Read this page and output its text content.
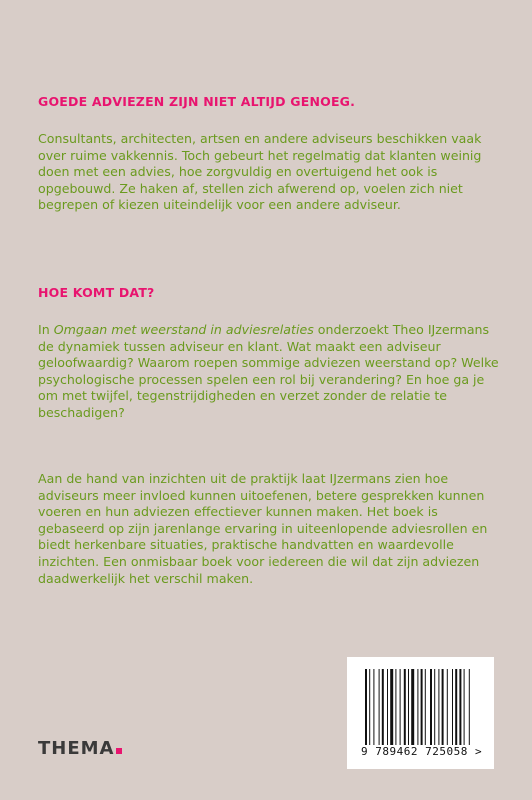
GOEDE ADVIEZEN ZIJN NIET ALTIJD GENOEG.

Consultants, architecten, artsen en andere adviseurs beschikken vaak over ruime vakkennis. Toch gebeurt het regelmatig dat klanten weinig doen met een advies, hoe zorgvuldig en overtuigend het ook is opgebouwd. Ze haken af, stellen zich afwerend op, voelen zich niet begrepen of kiezen uiteindelijk voor een andere adviseur.

HOE KOMT DAT?

In Omgaan met weerstand in adviesrelaties onderzoekt Theo IJzermans de dynamiek tussen adviseur en klant. Wat maakt een adviseur geloofwaardig? Waarom roepen sommige adviezen weerstand op? Welke psychologische processen spelen een rol bij verandering? En hoe ga je om met twijfel, tegenstrijdigheden en verzet zonder de relatie te beschadigen?

Aan de hand van inzichten uit de praktijk laat IJzermans zien hoe adviseurs meer invloed kunnen uitoefenen, betere gesprekken kunnen voeren en hun adviezen effectiever kunnen maken. Het boek is gebaseerd op zijn jarenlange ervaring in uiteenlopende adviesrollen en biedt herkenbare situaties, praktische handvatten en waardevolle inzichten. Een onmisbaar boek voor iedereen die wil dat zijn adviezen daadwerkelijk het verschil maken.

9 789462 725058 >
THEMA
